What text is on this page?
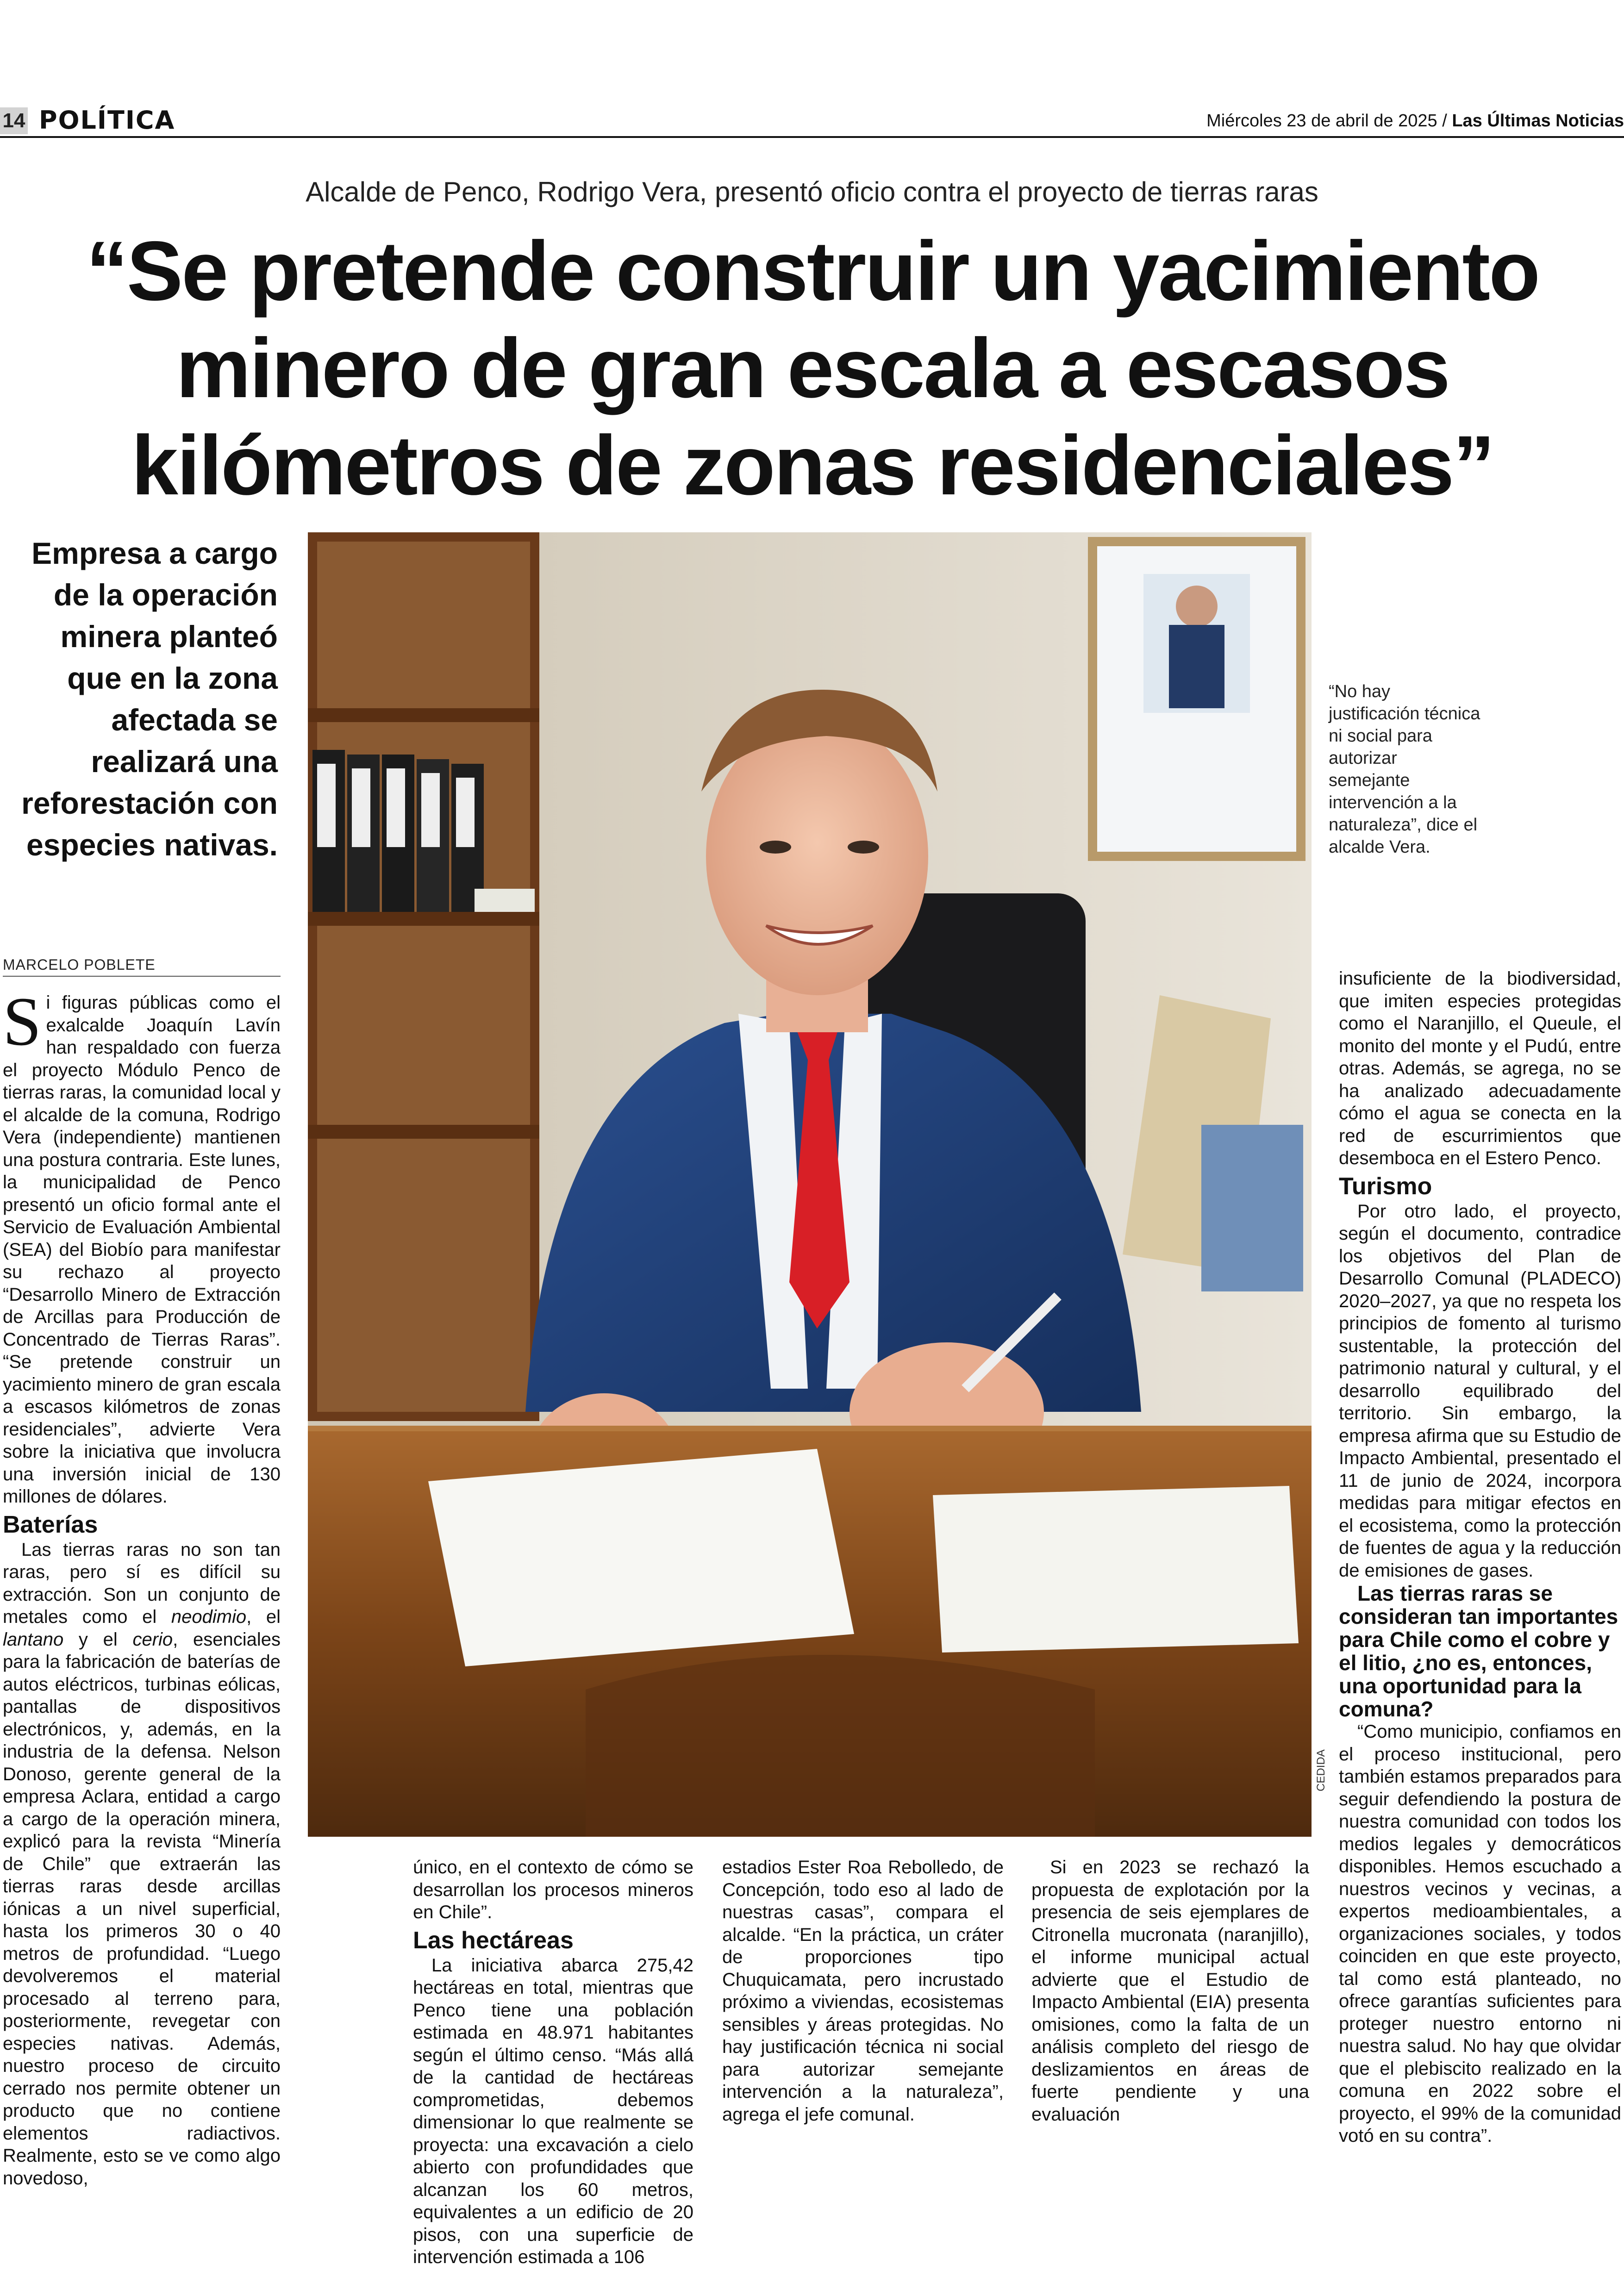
14 POLÍTICA	Miércoles 23 de abril de 2025 / Las Últimas Noticias
Alcalde de Penco, Rodrigo Vera, presentó oficio contra el proyecto de tierras raras
“Se pretende construir un yacimiento minero de gran escala a escasos kilómetros de zonas residenciales”
Empresa a cargo de la operación minera planteó que en la zona afectada se realizará una reforestación con especies nativas.
CEDIDA
“No hay justificación técnica ni social para autorizar semejante intervención a la naturaleza”, dice el alcalde Vera.
MARCELO POBLETE

Si figuras públicas como el exalcalde Joaquín Lavín han respaldado con fuerza el proyecto Módulo Penco de tierras raras, la comunidad local y el alcalde de la comuna, Rodrigo Vera (independiente) mantienen una postura contraria. Este lunes, la municipalidad de Penco presentó un oficio formal ante el Servicio de Evaluación Ambiental (SEA) del Biobío para manifestar su rechazo al proyecto “Desarrollo Minero de Extracción de Arcillas para Producción de Concentrado de Tierras Raras”. “Se pretende construir un yacimiento minero de gran escala a escasos kilómetros de zonas residenciales”, advierte Vera sobre la iniciativa que involucra una inversión inicial de 130 millones de dólares.

Baterías

Las tierras raras no son tan raras, pero sí es difícil su extracción. Son un conjunto de metales como el neodimio, el lantano y el cerio, esenciales para la fabricación de baterías de autos eléctricos, turbinas eólicas, pantallas de dispositivos electrónicos, y, además, en la industria de la defensa. Nelson Donoso, gerente general de la empresa Aclara, entidad a cargo a cargo de la operación minera, explicó para la revista “Minería de Chile” que extraerán las tierras raras desde arcillas iónicas a un nivel superficial, hasta los primeros 30 o 40 metros de profundidad. “Luego devolveremos el material procesado al terreno para, posteriormente, revegetar con especies nativas. Además, nuestro proceso de circuito cerrado nos permite obtener un producto que no contiene elementos radiactivos. Realmente, esto se ve como algo novedoso,

único, en el contexto de cómo se desarrollan los procesos mineros en Chile”.

Las hectáreas

La iniciativa abarca 275,42 hectáreas en total, mientras que Penco tiene una población estimada en 48.971 habitantes según el último censo. “Más allá de la cantidad de hectáreas comprometidas, debemos dimensionar lo que realmente se proyecta: una excavación a cielo abierto con profundidades que alcanzan los 60 metros, equivalentes a un edificio de 20 pisos, con una superficie de intervención estimada a 106

estadios Ester Roa Rebolledo, de Concepción, todo eso al lado de nuestras casas”, compara el alcalde. “En la práctica, un cráter de proporciones tipo Chuquicamata, pero incrustado próximo a viviendas, ecosistemas sensibles y áreas protegidas. No hay justificación técnica ni social para autorizar semejante intervención a la naturaleza”, agrega el jefe comunal.

Si en 2023 se rechazó la propuesta de explotación por la presencia de seis ejemplares de Citronella mucronata (naranjillo), el informe municipal actual advierte que el Estudio de Impacto Ambiental (EIA) presenta omisiones, como la falta de un análisis completo del riesgo de deslizamientos en áreas de fuerte pendiente y una evaluación

insuficiente de la biodiversidad, que imiten especies protegidas como el Naranjillo, el Queule, el monito del monte y el Pudú, entre otras. Además, se agrega, no se ha analizado adecuadamente cómo el agua se conecta en la red de escurrimientos que desemboca en el Estero Penco.

Turismo

Por otro lado, el proyecto, según el documento, contradice los objetivos del Plan de Desarrollo Comunal (PLADECO) 2020–2027, ya que no respeta los principios de fomento al turismo sustentable, la protección del patrimonio natural y cultural, y el desarrollo equilibrado del territorio. Sin embargo, la empresa afirma que su Estudio de Impacto Ambiental, presentado el 11 de junio de 2024, incorpora medidas para mitigar efectos en el ecosistema, como la protección de fuentes de agua y la reducción de emisiones de gases.

Las tierras raras se consideran tan importantes para Chile como el cobre y el litio, ¿no es, entonces, una oportunidad para la comuna?

“Como municipio, confiamos en el proceso institucional, pero también estamos preparados para seguir defendiendo la postura de nuestra comunidad con todos los medios legales y democráticos disponibles. Hemos escuchado a nuestros vecinos y vecinas, a expertos medioambientales, a organizaciones sociales, y todos coinciden en que este proyecto, tal como está planteado, no ofrece garantías suficientes para proteger nuestro entorno ni nuestra salud. No hay que olvidar que el plebiscito realizado en la comuna en 2022 sobre el proyecto, el 99% de la comunidad votó en su contra”.
